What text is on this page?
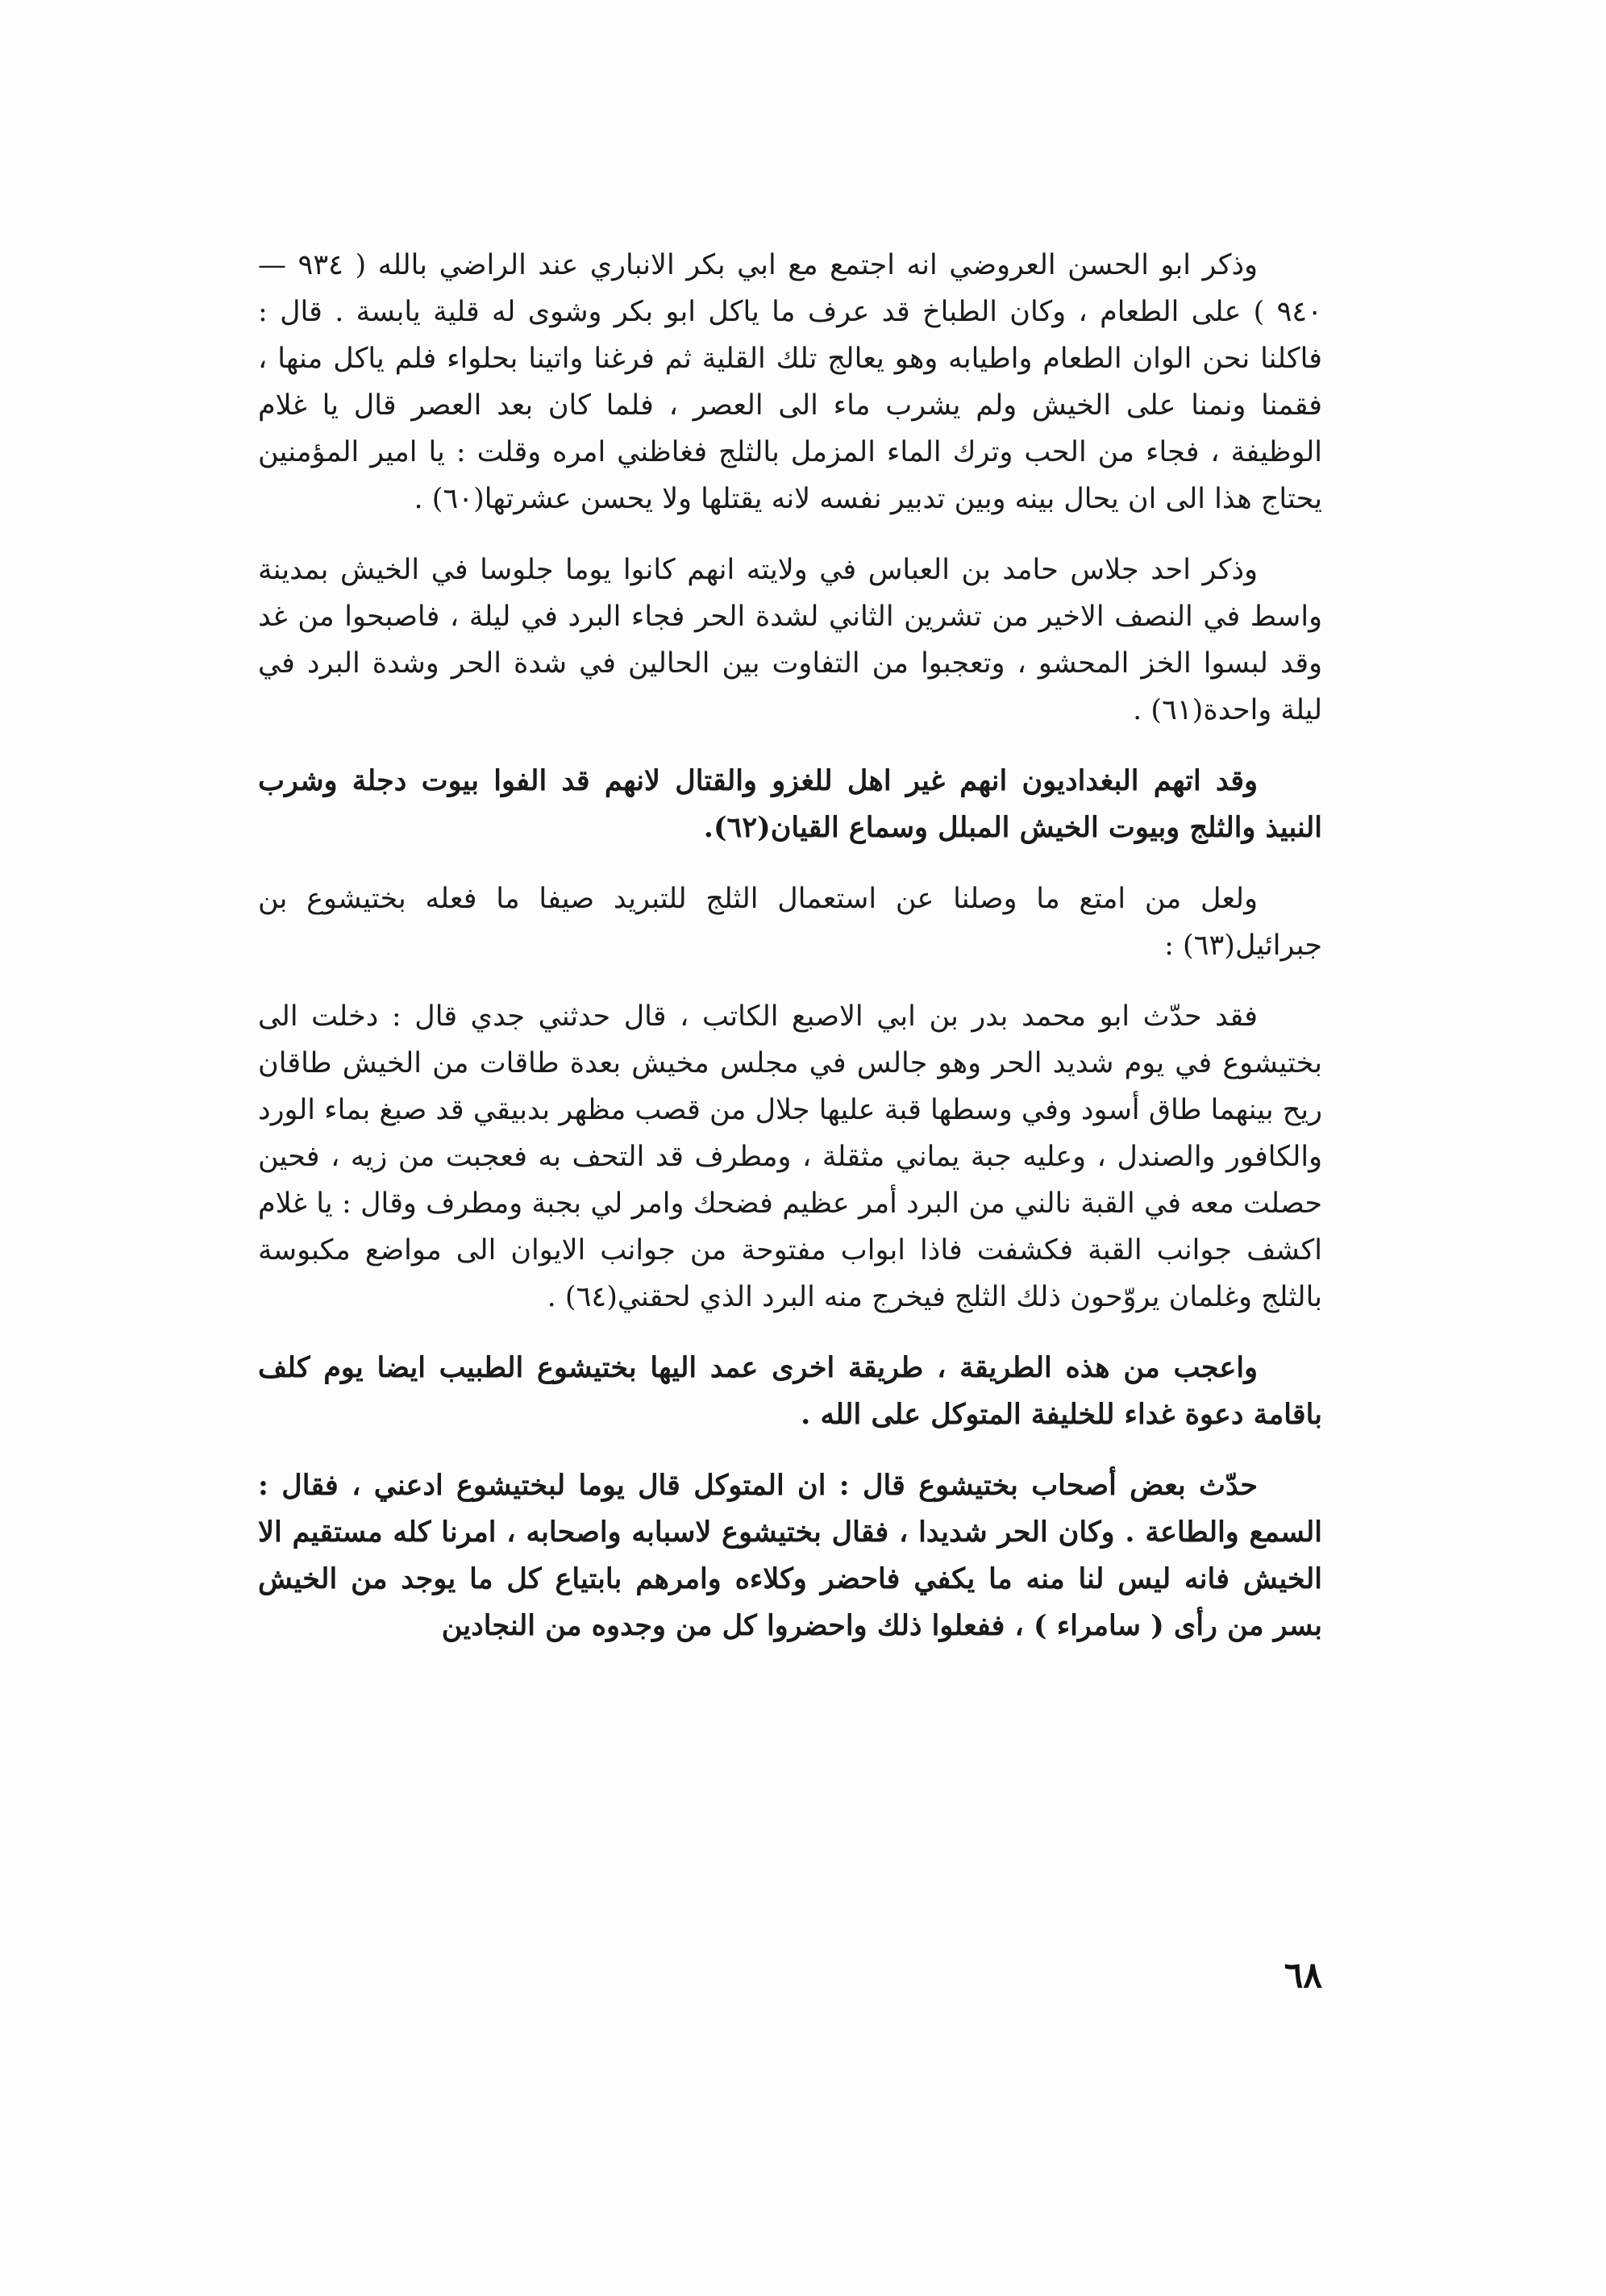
وذكر ابو الحسن العروضي انه اجتمع مع ابي بكر الانباري عند الراضي بالله ( ٩٣٤ — ٩٤٠ ) على الطعام ، وكان الطباخ قد عرف ما ياكل ابو بكر وشوى له قلية يابسة . قال : فاكلنا نحن الوان الطعام واطيابه وهو يعالج تلك القلية ثم فرغنا واتينا بحلواء فلم ياكل منها ، فقمنا ونمنا على الخيش ولم يشرب ماء الى العصر ، فلما كان بعد العصر قال يا غلام الوظيفة ، فجاء من الحب وترك الماء المزمل بالثلج فغاظني امره وقلت : يا امير المؤمنين يحتاج هذا الى ان يحال بينه وبين تدبير نفسه لانه يقتلها ولا يحسن عشرتها(٦٠) .

وذكر احد جلاس حامد بن العباس في ولايته انهم كانوا يوما جلوسا في الخيش بمدينة واسط في النصف الاخير من تشرين الثاني لشدة الحر فجاء البرد في ليلة ، فاصبحوا من غد وقد لبسوا الخز المحشو ، وتعجبوا من التفاوت بين الحالين في شدة الحر وشدة البرد في ليلة واحدة(٦١) .

وقد اتهم البغداديون انهم غير اهل للغزو والقتال لانهم قد الفوا بيوت دجلة وشرب النبيذ والثلج وبيوت الخيش المبلل وسماع القيان(٦٢).

ولعل من امتع ما وصلنا عن استعمال الثلج للتبريد صيفا ما فعله بختيشوع بن جبرائيل(٦٣) :

فقد حدّث ابو محمد بدر بن ابي الاصبع الكاتب ، قال حدثني جدي قال : دخلت الى بختيشوع في يوم شديد الحر وهو جالس في مجلس مخيش بعدة طاقات من الخيش طاقان ريح بينهما طاق أسود وفي وسطها قبة عليها جلال من قصب مظهر بدبيقي قد صبغ بماء الورد والكافور والصندل ، وعليه جبة يماني مثقلة ، ومطرف قد التحف به فعجبت من زيه ، فحين حصلت معه في القبة نالني من البرد أمر عظيم فضحك وامر لي بجبة ومطرف وقال : يا غلام اكشف جوانب القبة فكشفت فاذا ابواب مفتوحة من جوانب الايوان الى مواضع مكبوسة بالثلج وغلمان يروّحون ذلك الثلج فيخرج منه البرد الذي لحقني(٦٤) .

واعجب من هذه الطريقة ، طريقة اخرى عمد اليها بختيشوع الطبيب ايضا يوم كلف باقامة دعوة غداء للخليفة المتوكل على الله .

حدّث بعض أصحاب بختيشوع قال : ان المتوكل قال يوما لبختيشوع ادعني ، فقال : السمع والطاعة . وكان الحر شديدا ، فقال بختيشوع لاسبابه واصحابه ، امرنا كله مستقيم الا الخيش فانه ليس لنا منه ما يكفي فاحضر وكلاءه وامرهم بابتياع كل ما يوجد من الخيش بسر من رأى ( سامراء ) ، ففعلوا ذلك واحضروا كل من وجدوه من النجادين

٦٨
